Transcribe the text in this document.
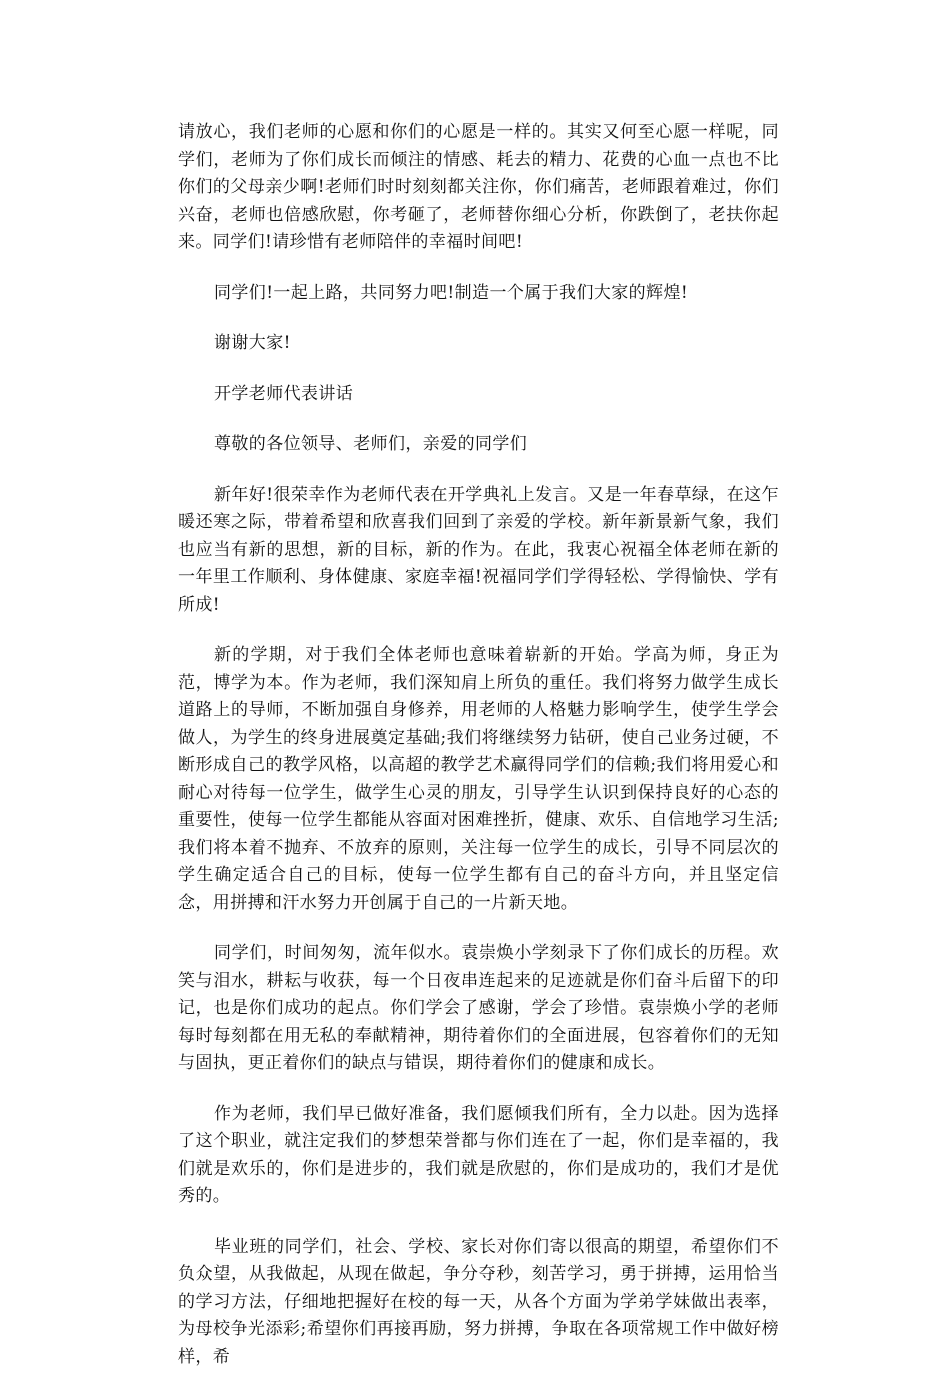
请放心，我们老师的心愿和你们的心愿是一样的。其实又何至心愿一样呢，同学们，老师为了你们成长而倾注的情感、耗去的精力、花费的心血一点也不比你们的父母亲少啊!老师们时时刻刻都关注你，你们痛苦，老师跟着难过，你们兴奋，老师也倍感欣慰，你考砸了，老师替你细心分析，你跌倒了，老扶你起来。同学们!请珍惜有老师陪伴的幸福时间吧!

同学们!一起上路，共同努力吧!制造一个属于我们大家的辉煌!

谢谢大家!

开学老师代表讲话

尊敬的各位领导、老师们，亲爱的同学们

新年好!很荣幸作为老师代表在开学典礼上发言。又是一年春草绿，在这乍暖还寒之际，带着希望和欣喜我们回到了亲爱的学校。新年新景新气象，我们也应当有新的思想，新的目标，新的作为。在此，我衷心祝福全体老师在新的一年里工作顺利、身体健康、家庭幸福!祝福同学们学得轻松、学得愉快、学有所成!

新的学期，对于我们全体老师也意味着崭新的开始。学高为师，身正为范，博学为本。作为老师，我们深知肩上所负的重任。我们将努力做学生成长道路上的导师，不断加强自身修养，用老师的人格魅力影响学生，使学生学会做人，为学生的终身进展奠定基础;我们将继续努力钻研，使自己业务过硬，不断形成自己的教学风格，以高超的教学艺术赢得同学们的信赖;我们将用爱心和耐心对待每一位学生，做学生心灵的朋友，引导学生认识到保持良好的心态的重要性，使每一位学生都能从容面对困难挫折，健康、欢乐、自信地学习生活;我们将本着不抛弃、不放弃的原则，关注每一位学生的成长，引导不同层次的学生确定适合自己的目标，使每一位学生都有自己的奋斗方向，并且坚定信念，用拼搏和汗水努力开创属于自己的一片新天地。

同学们，时间匆匆，流年似水。袁崇焕小学刻录下了你们成长的历程。欢笑与泪水，耕耘与收获，每一个日夜串连起来的足迹就是你们奋斗后留下的印记，也是你们成功的起点。你们学会了感谢，学会了珍惜。袁崇焕小学的老师每时每刻都在用无私的奉献精神，期待着你们的全面进展，包容着你们的无知与固执，更正着你们的缺点与错误，期待着你们的健康和成长。

作为老师，我们早已做好准备，我们愿倾我们所有，全力以赴。因为选择了这个职业，就注定我们的梦想荣誉都与你们连在了一起，你们是幸福的，我们就是欢乐的，你们是进步的，我们就是欣慰的，你们是成功的，我们才是优秀的。

毕业班的同学们，社会、学校、家长对你们寄以很高的期望，希望你们不负众望，从我做起，从现在做起，争分夺秒，刻苦学习，勇于拼搏，运用恰当的学习方法，仔细地把握好在校的每一天，从各个方面为学弟学妹做出表率，为母校争光添彩;希望你们再接再励，努力拼搏，争取在各项常规工作中做好榜样，希
